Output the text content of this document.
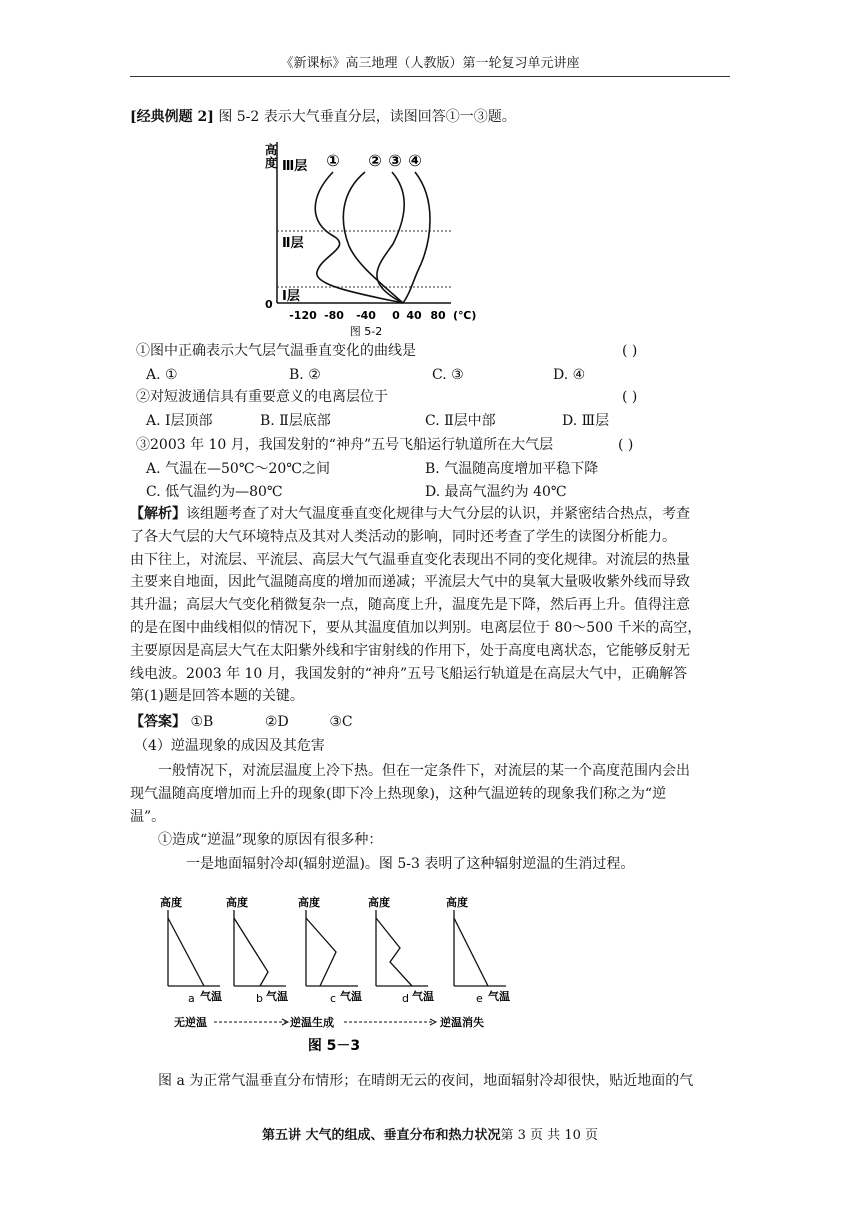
《新课标》高三地理（人教版）第一轮复习单元讲座
[经典例题 2] 图 5-2 表示大气垂直分层，读图回答①一③题。
高
度 Ⅲ层
Ⅱ层
Ⅰ层
0
① ② ③ ④
-120 -80 -40 0 40 80 (℃)
图 5-2
①图中正确表示大气层气温垂直变化的曲线是	( )
A. ①	B. ②	C. ③	D. ④
②对短波通信具有重要意义的电离层位于	( )
A. Ⅰ层顶部	B. Ⅱ层底部	C. Ⅱ层中部	D. Ⅲ层
③2003 年 10 月，我国发射的“神舟”五号飞船运行轨道所在大气层	( )
A. 气温在—50℃～20℃之间	B. 气温随高度增加平稳下降
C. 低气温约为—80℃	D. 最高气温约为 40℃
【解析】该组题考查了对大气温度垂直变化规律与大气分层的认识，并紧密结合热点，考查
了各大气层的大气环境特点及其对人类活动的影响，同时还考查了学生的读图分析能力。
由下往上，对流层、平流层、高层大气气温垂直变化表现出不同的变化规律。对流层的热量
主要来自地面，因此气温随高度的增加而递减；平流层大气中的臭氧大量吸收紫外线而导致
其升温；高层大气变化稍微复杂一点，随高度上升，温度先是下降，然后再上升。值得注意
的是在图中曲线相似的情况下，要从其温度值加以判别。电离层位于 80～500 千米的高空，
主要原因是高层大气在太阳紫外线和宇宙射线的作用下，处于高度电离状态，它能够反射无
线电波。2003 年 10 月，我国发射的“神舟”五号飞船运行轨道是在高层大气中，正确解答
第(1)题是回答本题的关键。
【答案】 ①B	②D	③C
（4）逆温现象的成因及其危害
一般情况下，对流层温度上冷下热。但在一定条件下，对流层的某一个高度范围内会出
现气温随高度增加而上升的现象(即下冷上热现象)，这种气温逆转的现象我们称之为“逆
温”。
①造成“逆温”现象的原因有很多种：
一是地面辐射冷却(辐射逆温)。图 5-3 表明了这种辐射逆温的生消过程。
高度
气温
a
高度
气温
b
高度
气温
c
高度
气温
d
高度
气温
e
无逆温	逆温生成	逆温消失
图 5－3
图 a 为正常气温垂直分布情形；在晴朗无云的夜间，地面辐射冷却很快，贴近地面的气
第五讲 大气的组成、垂直分布和热力状况第 3 页 共 10 页
